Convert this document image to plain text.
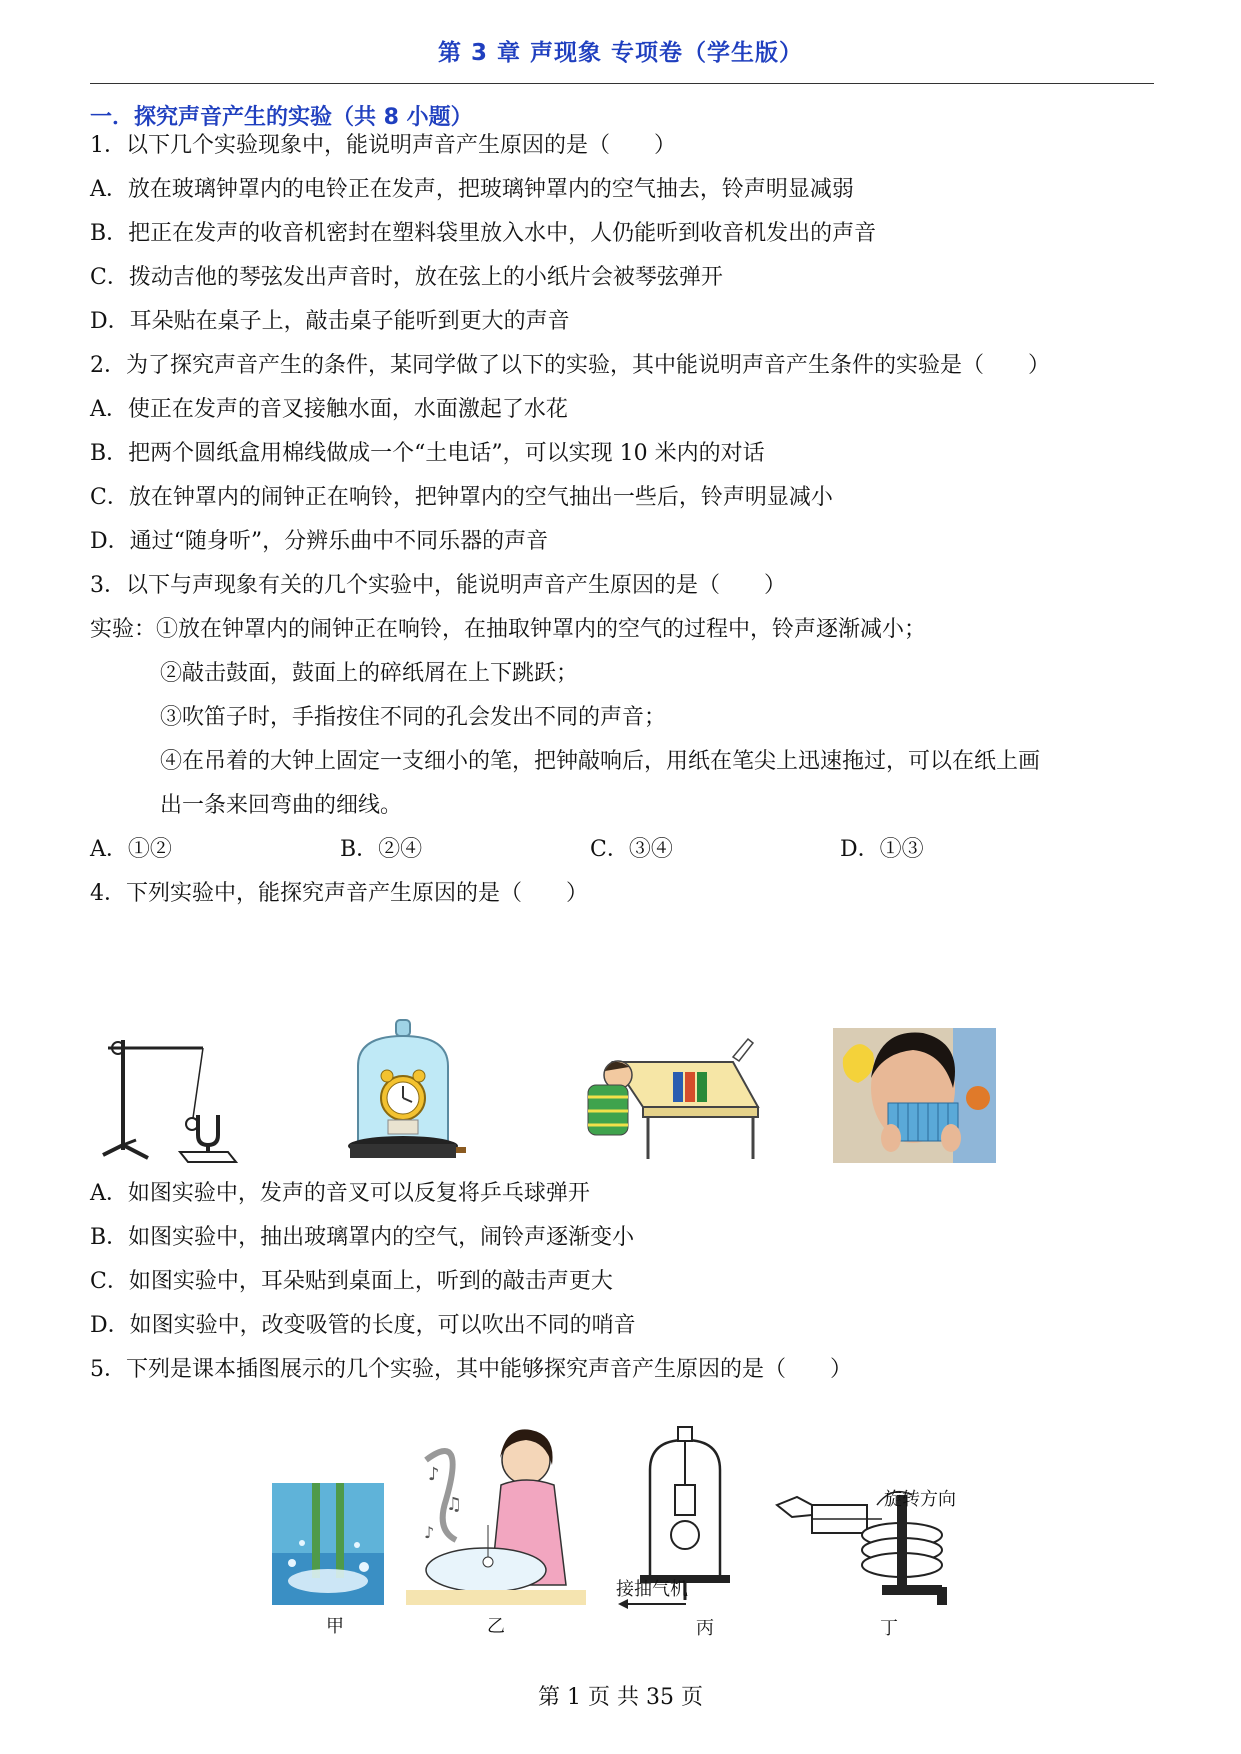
第 3 章 声现象 专项卷（学生版）
一．探究声音产生的实验（共 8 小题）
1．以下几个实验现象中，能说明声音产生原因的是（　　）
A．放在玻璃钟罩内的电铃正在发声，把玻璃钟罩内的空气抽去，铃声明显减弱
B．把正在发声的收音机密封在塑料袋里放入水中，人仍能听到收音机发出的声音
C．拨动吉他的琴弦发出声音时，放在弦上的小纸片会被琴弦弹开
D．耳朵贴在桌子上，敲击桌子能听到更大的声音
2．为了探究声音产生的条件，某同学做了以下的实验，其中能说明声音产生条件的实验是（　　）
A．使正在发声的音叉接触水面，水面激起了水花
B．把两个圆纸盒用棉线做成一个“土电话”，可以实现 10 米内的对话
C．放在钟罩内的闹钟正在响铃，把钟罩内的空气抽出一些后，铃声明显减小
D．通过“随身听”，分辨乐曲中不同乐器的声音
3．以下与声现象有关的几个实验中，能说明声音产生原因的是（　　）
实验：①放在钟罩内的闹钟正在响铃，在抽取钟罩内的空气的过程中，铃声逐渐减小；
②敲击鼓面，鼓面上的碎纸屑在上下跳跃；
③吹笛子时，手指按住不同的孔会发出不同的声音；
④在吊着的大钟上固定一支细小的笔，把钟敲响后，用纸在笔尖上迅速拖过，可以在纸上画
出一条来回弯曲的细线。
A．①②	B．②④	C．③④	D．①③
4．下列实验中，能探究声音产生原因的是（　　）
A．如图实验中，发声的音叉可以反复将乒乓球弹开
B．如图实验中，抽出玻璃罩内的空气，闹铃声逐渐变小
C．如图实验中，耳朵贴到桌面上，听到的敲击声更大
D．如图实验中，改变吸管的长度，可以吹出不同的哨音
5．下列是课本插图展示的几个实验，其中能够探究声音产生原因的是（　　）
甲
♪
♫
♪
乙
接抽气机
丙
旋转方向
丁
第 1 页 共 35 页
